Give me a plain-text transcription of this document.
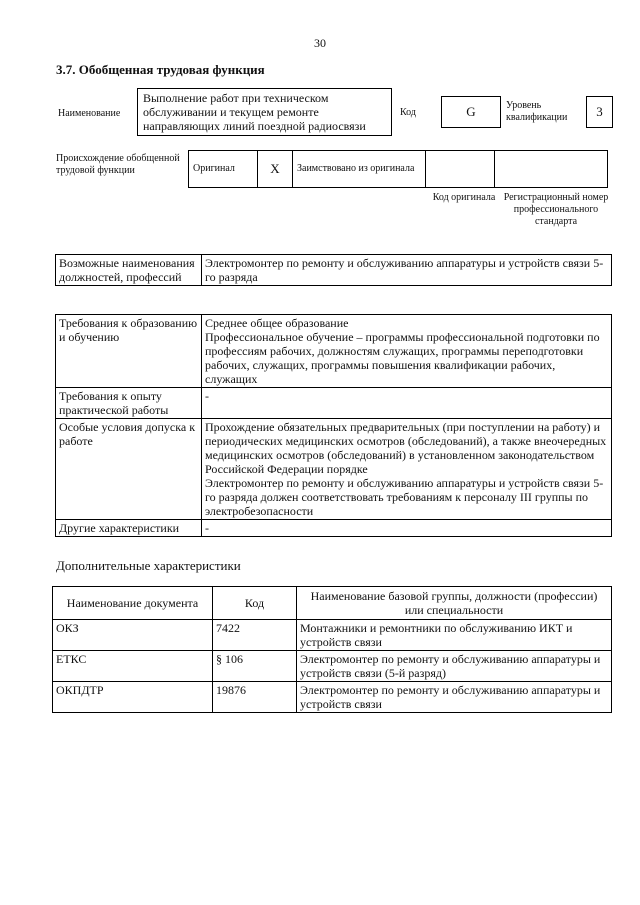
30
3.7. Обобщенная трудовая функция
Наименование
Выполнение работ при техническом обслуживании и текущем ремонте направляющих линий поездной радиосвязи
Код	G	Уровень квалификации	3
Происхождение обобщенной трудовой функции	Оригинал	X	Заимствовано из оригинала		
Код оригинала Регистрационный номер профессионального стандарта
Возможные наименования должностей, профессий	Электромонтер по ремонту и обслуживанию аппаратуры и устройств связи 5-го разряда
Требования к образованию и обучению	Среднее общее образование
Профессиональное обучение – программы профессиональной подготовки по профессиям рабочих, должностям служащих, программы переподготовки рабочих, служащих, программы повышения квалификации рабочих, служащих

Требования к опыту практической работы	-
Особые условия допуска к работе	Прохождение обязательных предварительных (при поступлении на работу) и периодических медицинских осмотров (обследований), а также внеочередных медицинских осмотров (обследований) в установленном законодательством Российской Федерации порядке
Электромонтер по ремонту и обслуживанию аппаратуры и устройств связи 5-го разряда должен соответствовать требованиям к персоналу III группы по электробезопасности

Другие характеристики	-
Дополнительные характеристики
Наименование документа	Код	Наименование базовой группы, должности (профессии) или специальности
ОКЗ	7422	Монтажники и ремонтники по обслуживанию ИКТ и устройств связи
ЕТКС	§ 106	Электромонтер по ремонту и обслуживанию аппаратуры и устройств связи (5-й разряд)
ОКПДТР	19876	Электромонтер по ремонту и обслуживанию аппаратуры и устройств связи
